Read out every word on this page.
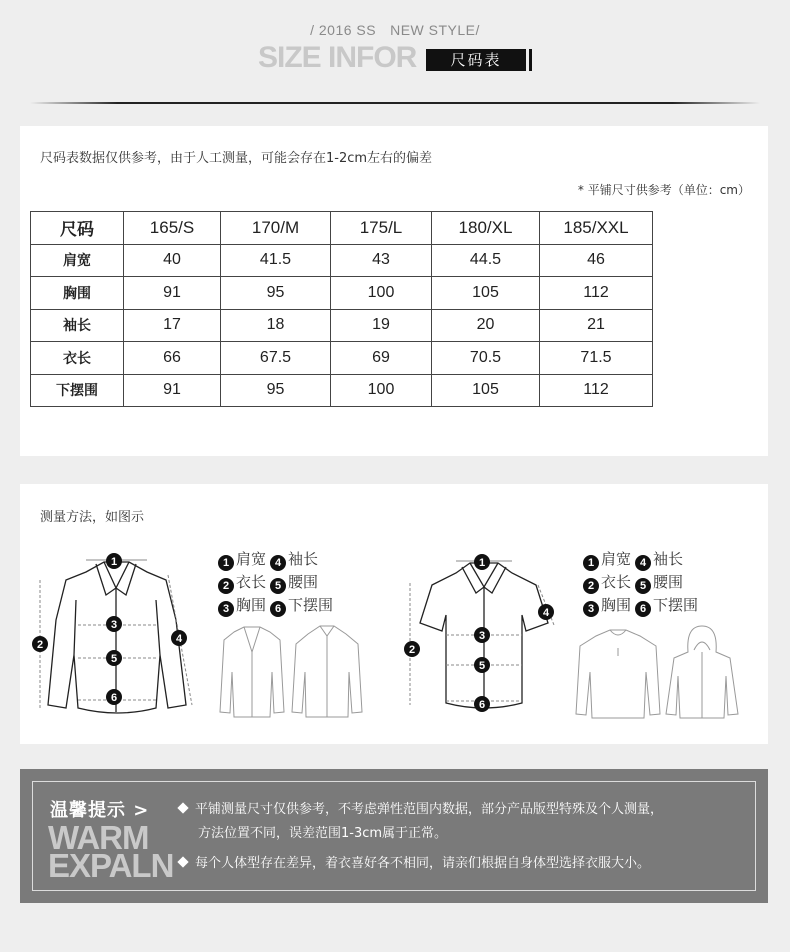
/ 2016 SS NEW STYLE/
SIZE INFOR	尺码表
尺码表数据仅供参考，由于人工测量，可能会存在1-2cm左右的偏差
* 平铺尺寸供参考（单位：cm）
尺码	165/S	170/M	175/L	180/XL	185/XXL
肩宽	40	41.5	43	44.5	46
胸围	91	95	100	105	112
袖长	17	18	19	20	21
衣长	66	67.5	69	70.5	71.5
下摆围	91	95	100	105	112
测量方法，如图示
1
2
3
4
5
6
1 肩宽 4 袖长
2 衣长 5 腰围
3 胸围 6 下摆围
1
2
3
4
5
6
1 肩宽 4 袖长
2 衣长 5 腰围
3 胸围 6 下摆围
温馨提示 >
WARM
EXPALN
平铺测量尺寸仅供参考，不考虑弹性范围内数据，部分产品版型特殊及个人测量，
方法位置不同，误差范围1-3cm属于正常。
每个人体型存在差异，着衣喜好各不相同，请亲们根据自身体型选择衣服大小。
